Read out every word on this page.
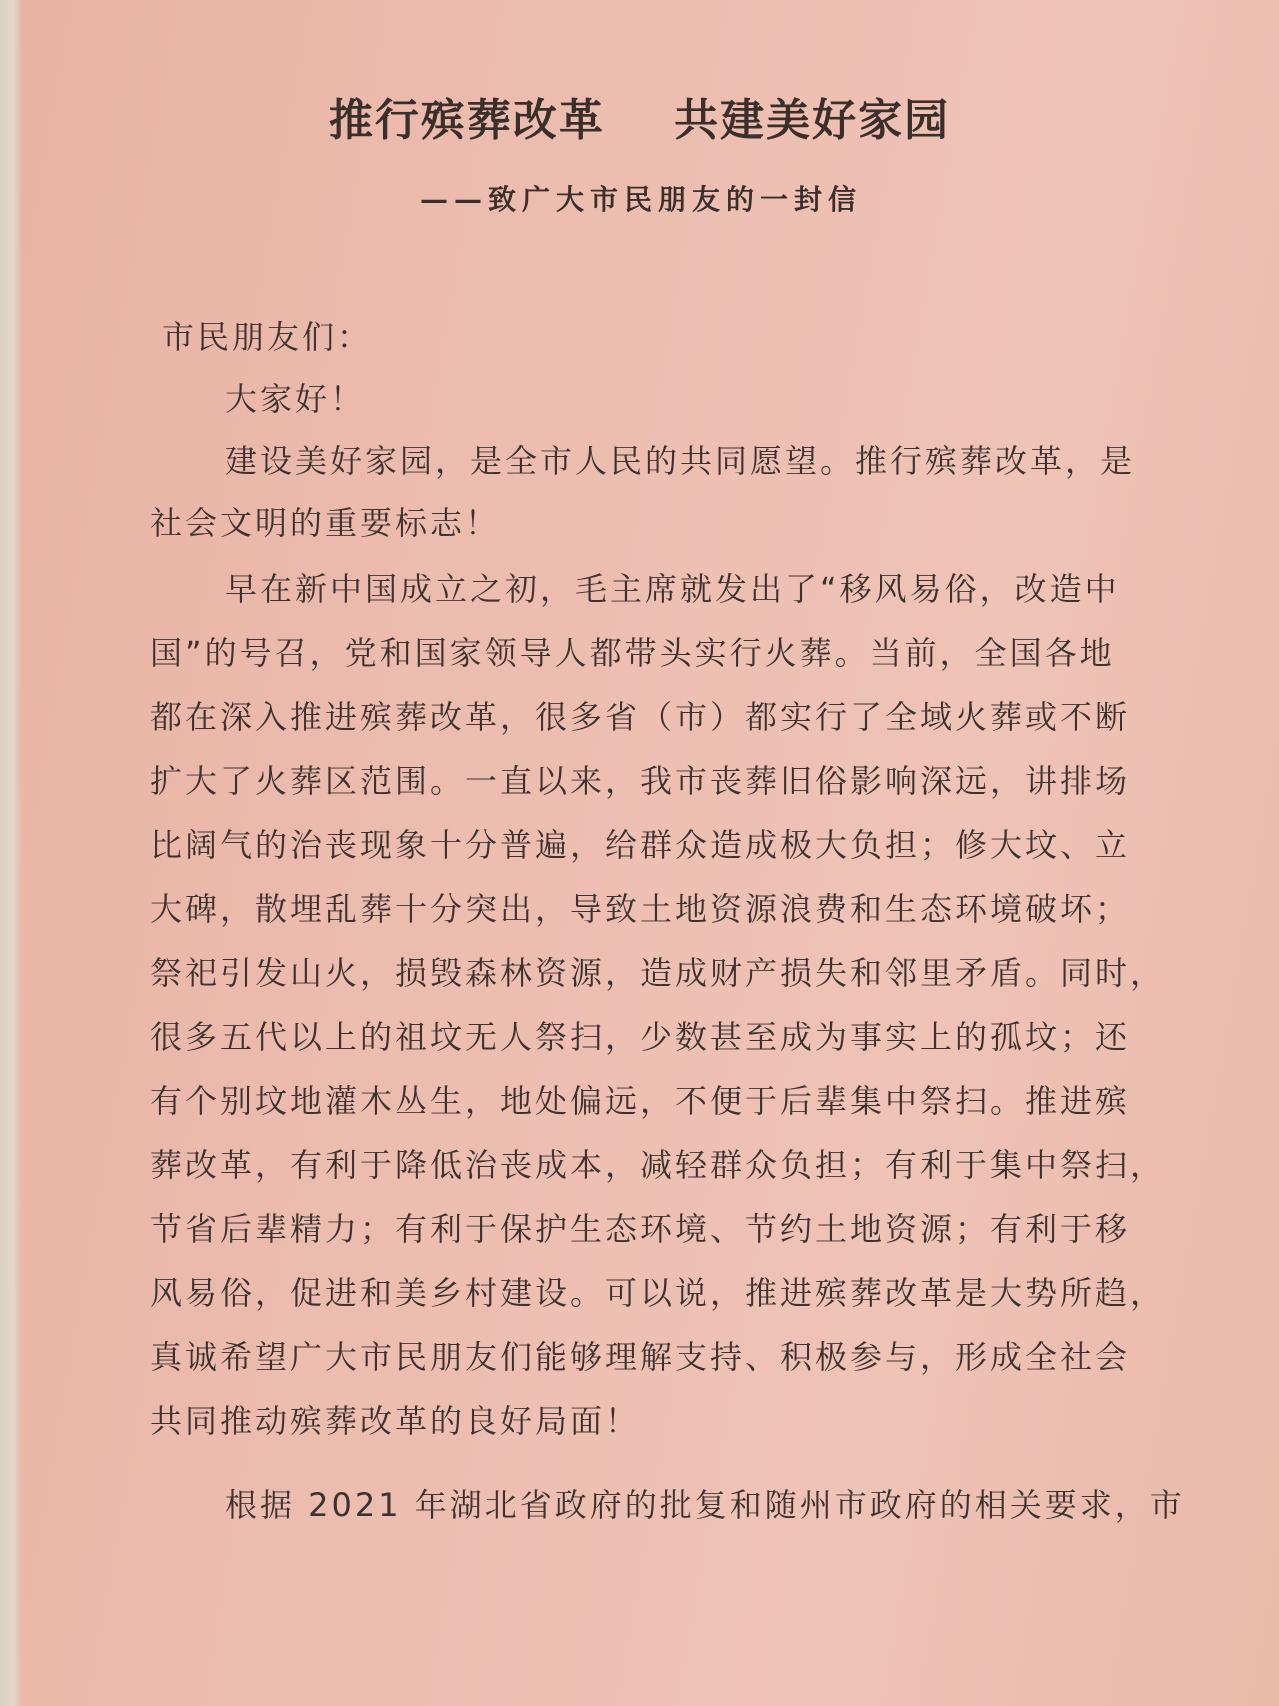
推行殡葬改革    共建美好家园
——致广大市民朋友的一封信
市民朋友们：
大家好！
建设美好家园，是全市人民的共同愿望。推行殡葬改革，是
社会文明的重要标志！
早在新中国成立之初，毛主席就发出了“移风易俗，改造中
国”的号召，党和国家领导人都带头实行火葬。当前，全国各地
都在深入推进殡葬改革，很多省（市）都实行了全域火葬或不断
扩大了火葬区范围。一直以来，我市丧葬旧俗影响深远，讲排场
比阔气的治丧现象十分普遍，给群众造成极大负担；修大坟、立
大碑，散埋乱葬十分突出，导致土地资源浪费和生态环境破坏；
祭祀引发山火，损毁森林资源，造成财产损失和邻里矛盾。同时，
很多五代以上的祖坟无人祭扫，少数甚至成为事实上的孤坟；还
有个别坟地灌木丛生，地处偏远，不便于后辈集中祭扫。推进殡
葬改革，有利于降低治丧成本，减轻群众负担；有利于集中祭扫，
节省后辈精力；有利于保护生态环境、节约土地资源；有利于移
风易俗，促进和美乡村建设。可以说，推进殡葬改革是大势所趋，
真诚希望广大市民朋友们能够理解支持、积极参与，形成全社会
共同推动殡葬改革的良好局面！
根据 2021 年湖北省政府的批复和随州市政府的相关要求，市
